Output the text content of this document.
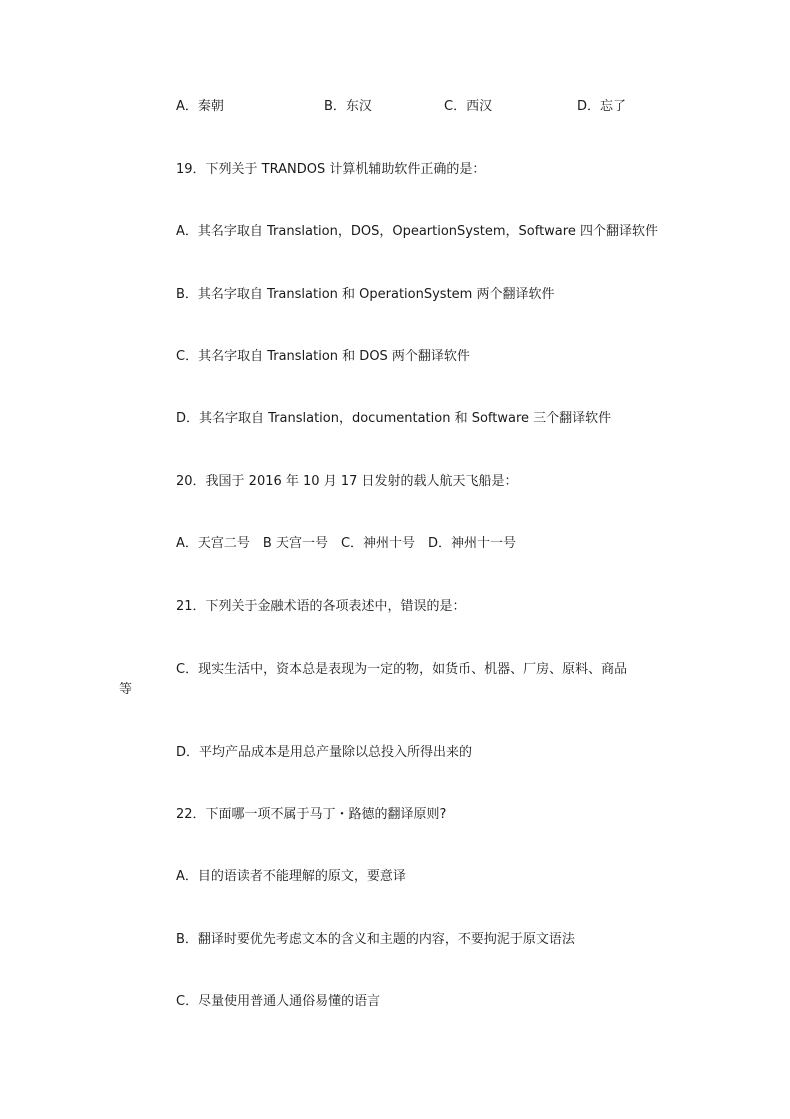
A．秦朝	B．东汉	C．西汉	D．忘了
19．下列关于 TRANDOS 计算机辅助软件正确的是：
A．其名字取自 Translation，DOS，OpeartionSystem，Software 四个翻译软件
B．其名字取自 Translation 和 OperationSystem 两个翻译软件
C．其名字取自 Translation 和 DOS 两个翻译软件
D．其名字取自 Translation，documentation 和 Software 三个翻译软件
20．我国于 2016 年 10 月 17 日发射的载人航天飞船是：
A．天宫二号　B 天宫一号　C．神州十号　D．神州十一号
21．下列关于金融术语的各项表述中，错误的是：
C．现实生活中，资本总是表现为一定的物，如货币、机器、厂房、原料、商品
等
D．平均产品成本是用总产量除以总投入所得出来的
22．下面哪一项不属于马丁・路德的翻译原则?
A．目的语读者不能理解的原文，要意译
B．翻译时要优先考虑文本的含义和主题的内容，不要拘泥于原文语法
C．尽量使用普通人通俗易懂的语言
